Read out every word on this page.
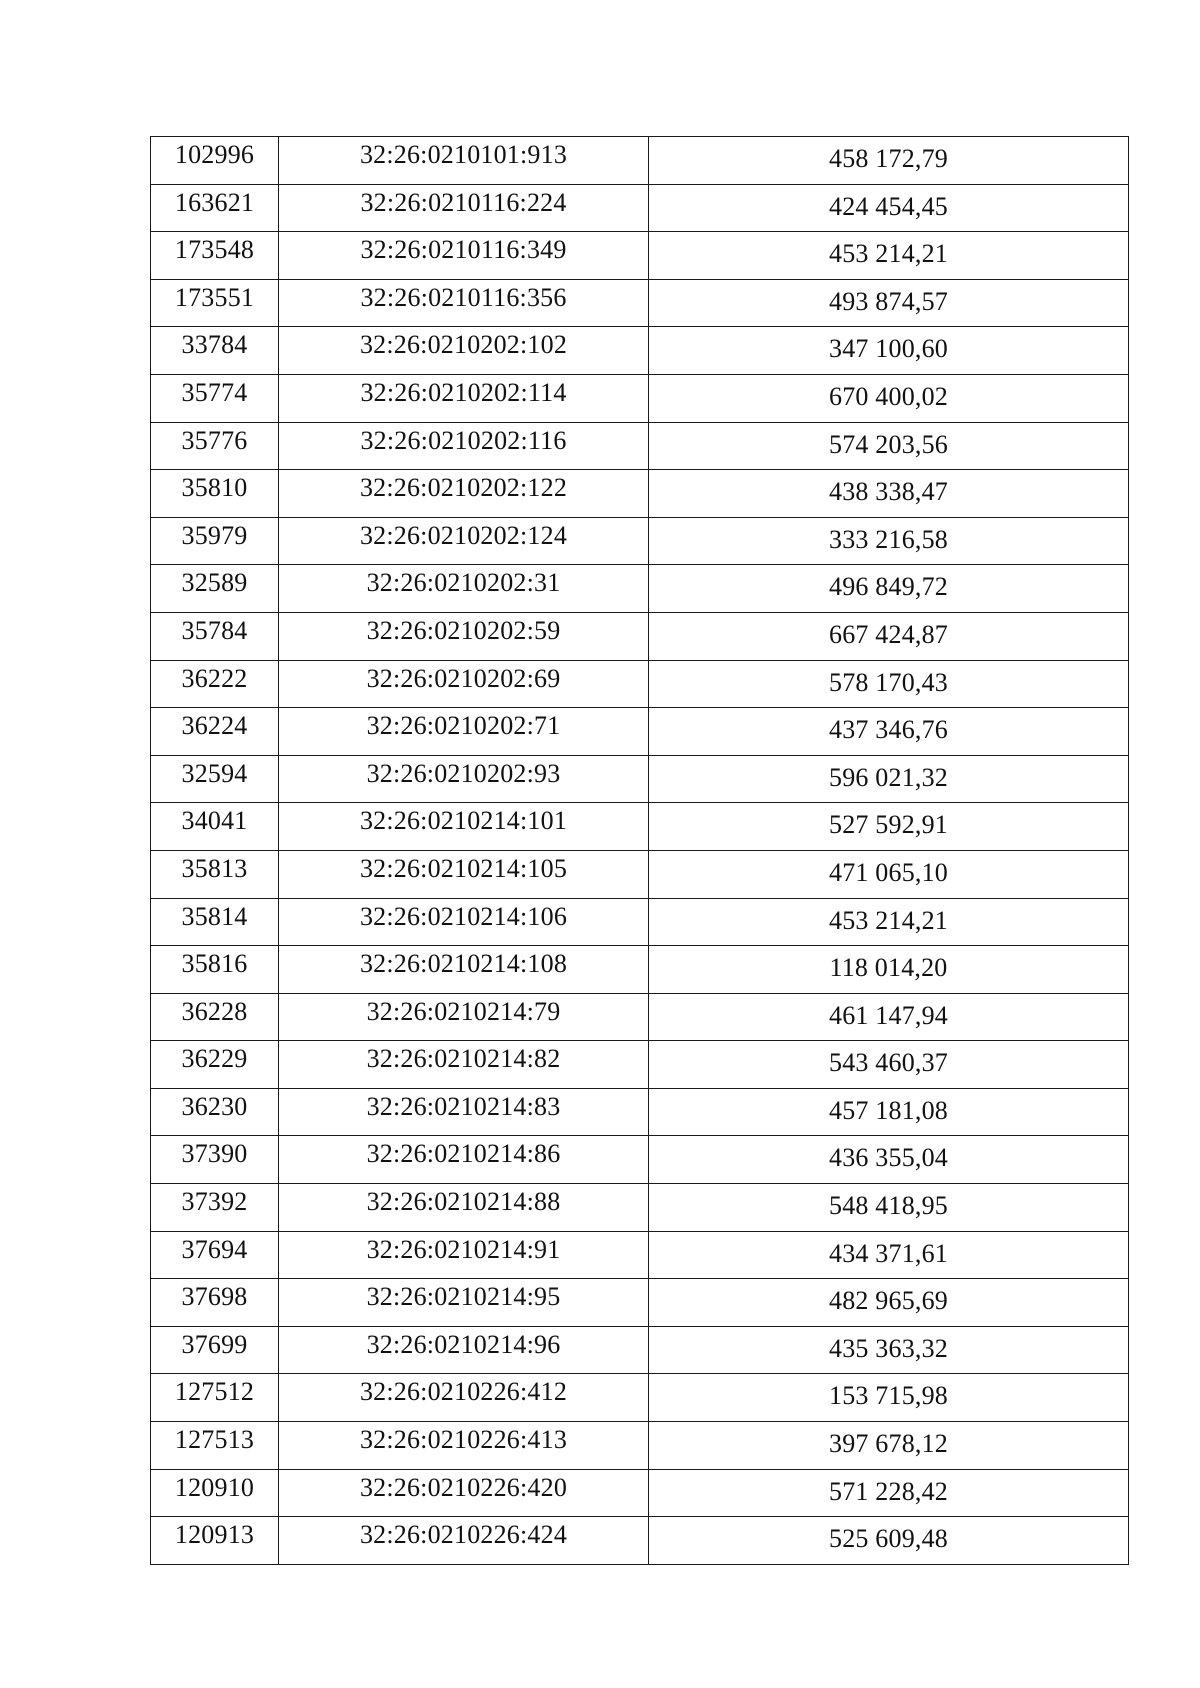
102996	32:26:0210101:913	458 172,79

163621	32:26:0210116:224	424 454,45

173548	32:26:0210116:349	453 214,21

173551	32:26:0210116:356	493 874,57

33784	32:26:0210202:102	347 100,60

35774	32:26:0210202:114	670 400,02

35776	32:26:0210202:116	574 203,56

35810	32:26:0210202:122	438 338,47

35979	32:26:0210202:124	333 216,58

32589	32:26:0210202:31	496 849,72

35784	32:26:0210202:59	667 424,87

36222	32:26:0210202:69	578 170,43

36224	32:26:0210202:71	437 346,76

32594	32:26:0210202:93	596 021,32

34041	32:26:0210214:101	527 592,91

35813	32:26:0210214:105	471 065,10

35814	32:26:0210214:106	453 214,21

35816	32:26:0210214:108	118 014,20

36228	32:26:0210214:79	461 147,94

36229	32:26:0210214:82	543 460,37

36230	32:26:0210214:83	457 181,08

37390	32:26:0210214:86	436 355,04

37392	32:26:0210214:88	548 418,95

37694	32:26:0210214:91	434 371,61

37698	32:26:0210214:95	482 965,69

37699	32:26:0210214:96	435 363,32

127512	32:26:0210226:412	153 715,98

127513	32:26:0210226:413	397 678,12

120910	32:26:0210226:420	571 228,42

120913	32:26:0210226:424	525 609,48
